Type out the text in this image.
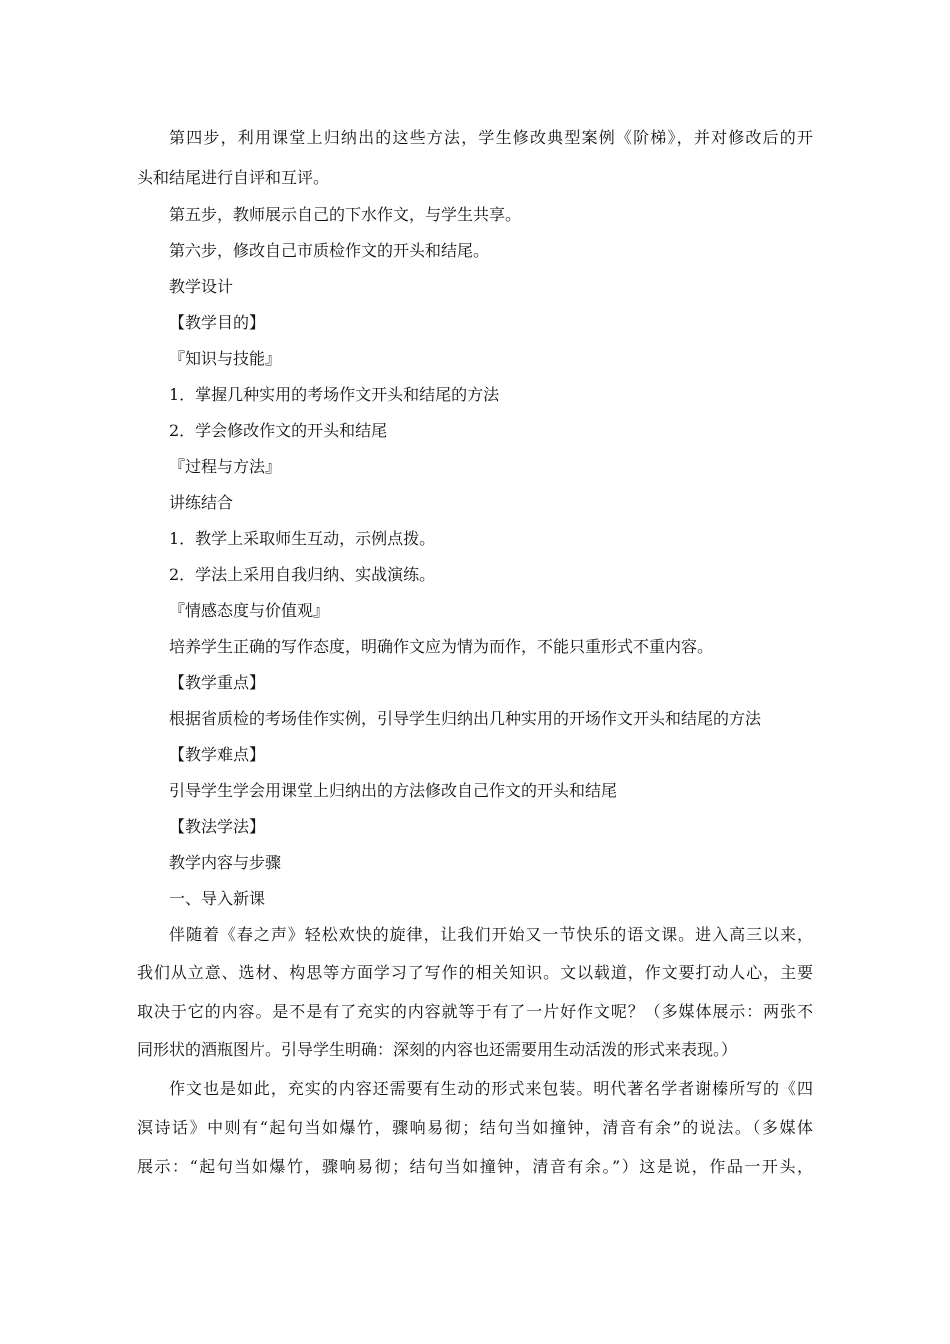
第四步，利用课堂上归纳出的这些方法，学生修改典型案例《阶梯》，并对修改后的开
头和结尾进行自评和互评。
第五步，教师展示自己的下水作文，与学生共享。
第六步，修改自己市质检作文的开头和结尾。
教学设计
【教学目的】
『知识与技能』
1．掌握几种实用的考场作文开头和结尾的方法
2．学会修改作文的开头和结尾
『过程与方法』
讲练结合
1．教学上采取师生互动，示例点拨。
2．学法上采用自我归纳、实战演练。
『情感态度与价值观』
培养学生正确的写作态度，明确作文应为情为而作，不能只重形式不重内容。
【教学重点】
根据省质检的考场佳作实例，引导学生归纳出几种实用的开场作文开头和结尾的方法
【教学难点】
引导学生学会用课堂上归纳出的方法修改自己作文的开头和结尾
【教法学法】
教学内容与步骤
一、导入新课
伴随着《春之声》轻松欢快的旋律，让我们开始又一节快乐的语文课。进入高三以来，
我们从立意、选材、构思等方面学习了写作的相关知识。文以载道，作文要打动人心，主要
取决于它的内容。是不是有了充实的内容就等于有了一片好作文呢？（多媒体展示：两张不
同形状的酒瓶图片。引导学生明确：深刻的内容也还需要用生动活泼的形式来表现。）
作文也是如此，充实的内容还需要有生动的形式来包装。明代著名学者谢榛所写的《四
溟诗话》中则有“起句当如爆竹，骤响易彻；结句当如撞钟，清音有余”的说法。（多媒体
展示：“起句当如爆竹，骤响易彻；结句当如撞钟，清音有余。”）这是说，作品一开头，
